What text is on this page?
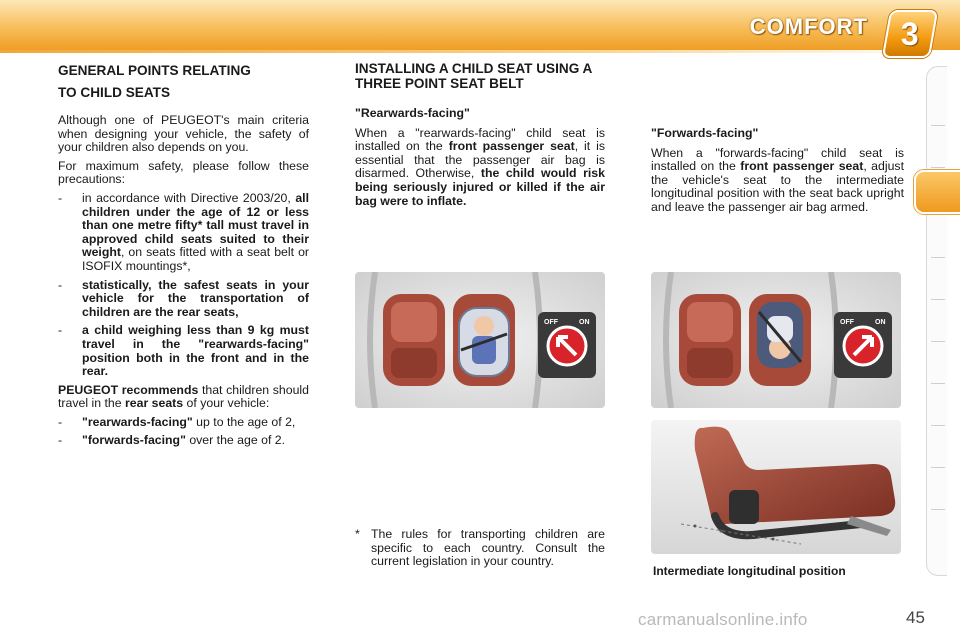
COMFORT 3
GENERAL POINTS RELATING
TO CHILD SEATS

Although one of PEUGEOT's main criteria when designing your vehicle, the safety of your children also depends on you.

For maximum safety, please follow these precautions:

-	in accordance with Directive 2003/20, all children under the age of 12 or less than one metre fifty* tall must travel in approved child seats suited to their weight, on seats fitted with a seat belt or ISOFIX mountings*,
-	statistically, the safest seats in your vehicle for the transportation of children are the rear seats,
-	a child weighing less than 9 kg must travel in the "rearwards-facing" position both in the front and in the rear.

PEUGEOT recommends that children should travel in the rear seats of your vehicle:

-	"rearwards-facing" up to the age of 2,
-	"forwards-facing" over the age of 2.
INSTALLING A CHILD SEAT USING A THREE POINT SEAT BELT
"Rearwards-facing"

When a "rearwards-facing" child seat is installed on the front passenger seat, it is essential that the passenger air bag is disarmed. Otherwise, the child would risk being seriously injured or killed if the air bag were to inflate.

* The rules for transporting children are specific to each country. Consult the current legislation in your country.
"Forwards-facing"

When a "forwards-facing" child seat is installed on the front passenger seat, adjust the vehicle's seat to the intermediate longitudinal position with the seat back upright and leave the passenger air bag armed.

OFF	ON	OFF	ON
Intermediate longitudinal position
carmanualsonline.info	45
